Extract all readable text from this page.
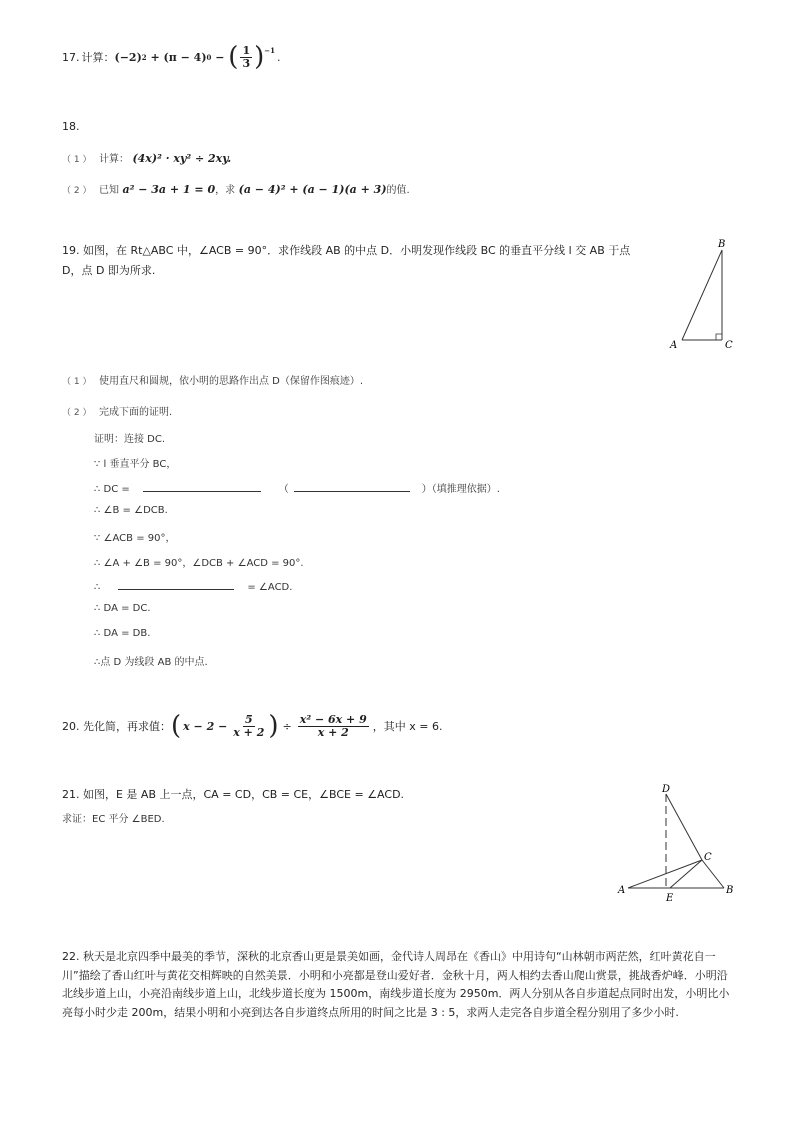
17. 计算： (−2) 2 + (π − 4) 0 − ( $\frac{1}{3} )^{-1}$ .
18.
（ 1 ） 计算： (4x)² · xy² ÷ 2xy.
（ 2 ） 已知 a² − 3a + 1 = 0，求 (a − 4)² + (a − 1)(a + 3)的值.
19. 如图，在 Rt△ABC 中，∠ACB = 90°．求作线段 AB 的中点 D．小明发现作线段 BC 的垂直平分线 l 交 AB 于点
D，点 D 即为所求.
B
A	C
（ 1 ） 使用直尺和圆规，依小明的思路作出点 D（保留作图痕迹）.
（ 2 ） 完成下面的证明.
证明：连接 DC.
∵ l 垂直平分 BC，
∴ DC =	（	）（填推理依据）.
∴ ∠B = ∠DCB.
∵ ∠ACB = 90°，
∴ ∠A + ∠B = 90°，∠DCB + ∠ACD = 90°.
∴	= ∠ACD.
∴ DA = DC.
∴ DA = DB.
∴点 D 为线段 AB 的中点.
20. 先化简，再求值： ( $x - 2 - \frac{5}{x + 2}$ ) ÷ $\frac{\text{x² − 6x + 9}}{x + 2}$ ，其中 x = 6.
21. 如图，E 是 AB 上一点，CA = CD，CB = CE，∠BCE = ∠ACD.
求证：EC 平分 ∠BED.
D
C
A
E
B
22. 秋天是北京四季中最美的季节，深秋的北京香山更是景美如画，金代诗人周昂在《香山》中用诗句“山林朝市两茫然，红叶黄花自一川”描绘了香山红叶与黄花交相辉映的自然美景．小明和小亮都是登山爱好者．金秋十月，两人相约去香山爬山赏景，挑战香炉峰．小明沿北线步道上山，小亮沿南线步道上山，北线步道长度为 1500m，南线步道长度为 2950m．两人分别从各自步道起点同时出发，小明比小亮每小时少走 200m，结果小明和小亮到达各自步道终点所用的时间之比是 3 : 5，求两人走完各自步道全程分别用了多少小时.
